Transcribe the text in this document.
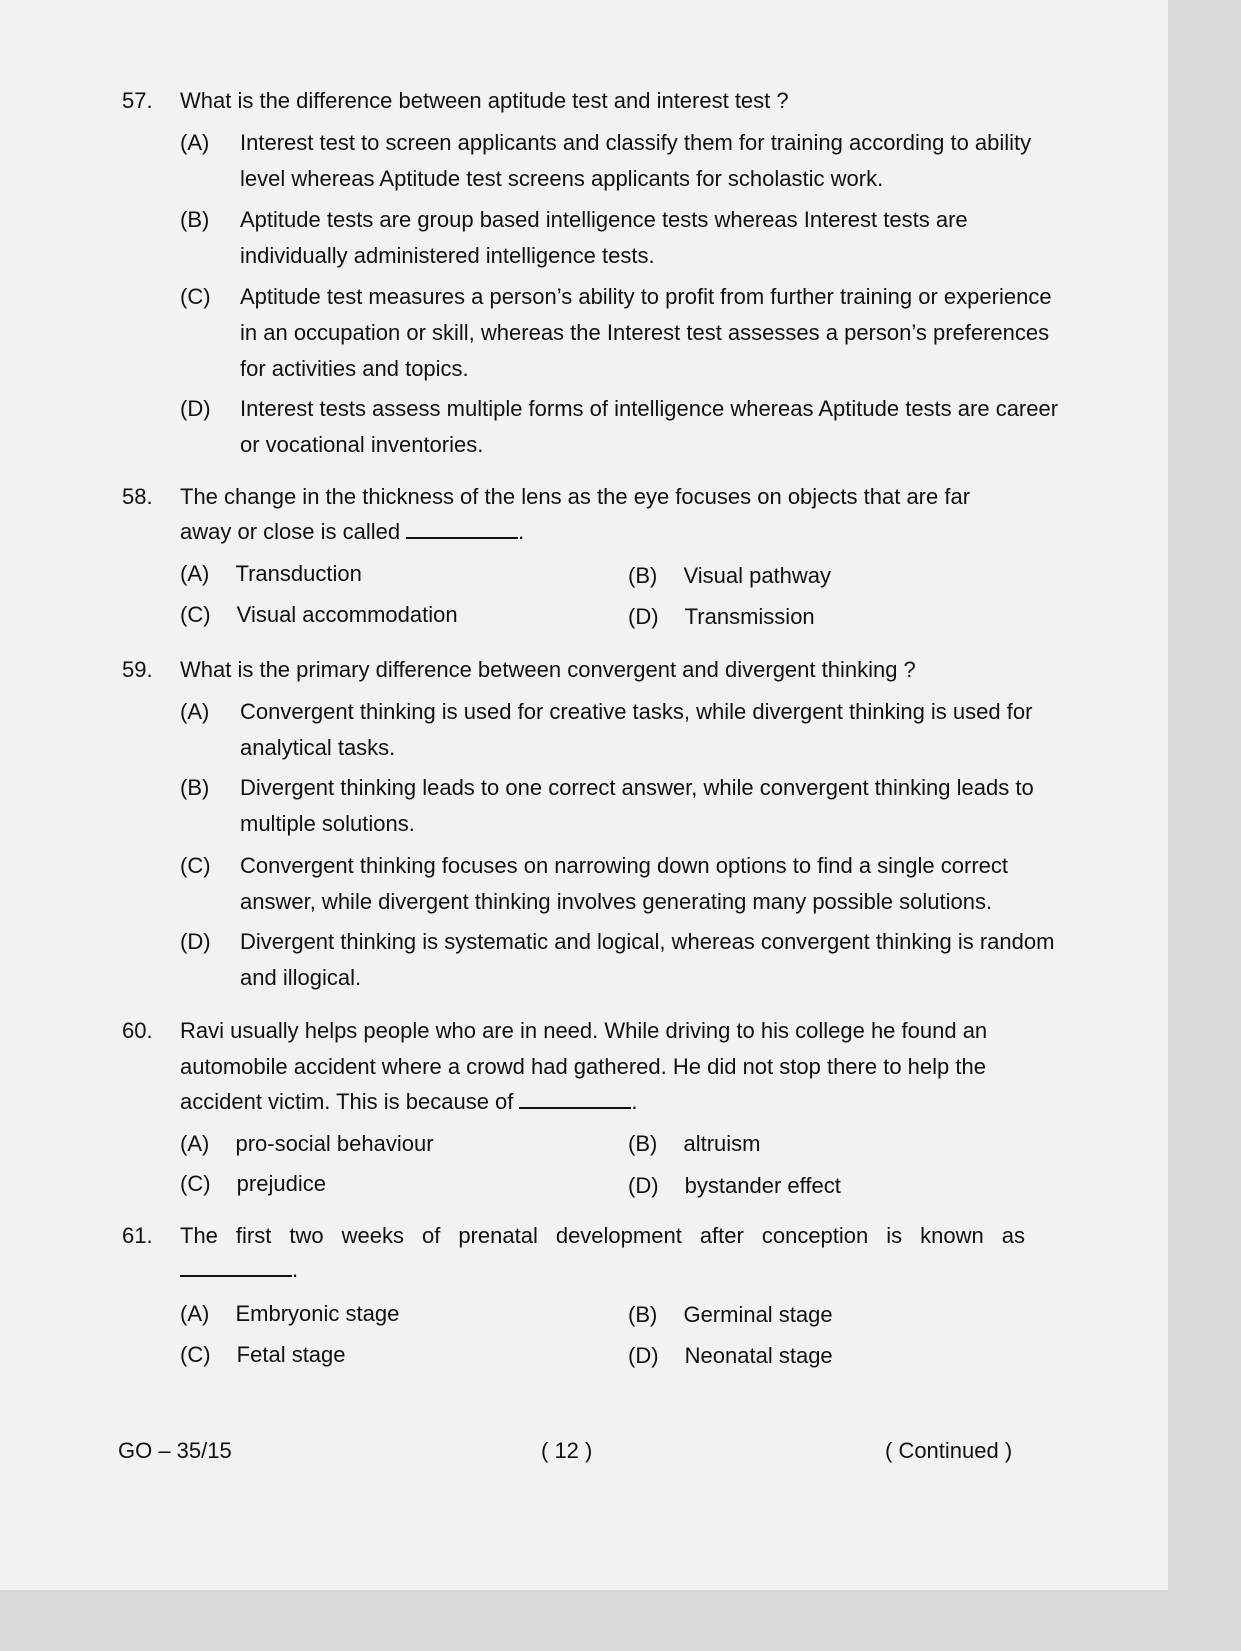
57. What is the difference between aptitude test and interest test ?
(A) Interest test to screen applicants and classify them for training according to ability level whereas Aptitude test screens applicants for scholastic work.
(B) Aptitude tests are group based intelligence tests whereas Interest tests are individually administered intelligence tests.
(C) Aptitude test measures a person’s ability to profit from further training or experience in an occupation or skill, whereas the Interest test assesses a person’s preferences for activities and topics.
(D) Interest tests assess multiple forms of intelligence whereas Aptitude tests are career or vocational inventories.
58. The change in the thickness of the lens as the eye focuses on objects that are far
away or close is called	.
(A) Transduction	(B) Visual pathway
(C) Visual accommodation	(D) Transmission
59. What is the primary difference between convergent and divergent thinking ?
(A) Convergent thinking is used for creative tasks, while divergent thinking is used for analytical tasks.
(B) Divergent thinking leads to one correct answer, while convergent thinking leads to multiple solutions.
(C) Convergent thinking focuses on narrowing down options to find a single correct answer, while divergent thinking involves generating many possible solutions.
(D) Divergent thinking is systematic and logical, whereas convergent thinking is random and illogical.
60. Ravi usually helps people who are in need. While driving to his college he found an
automobile accident where a crowd had gathered. He did not stop there to help the
accident victim. This is because of	.
(A) pro-social behaviour	(B) altruism
(C) prejudice	(D) bystander effect
61. The first two weeks of prenatal development after conception is known as
.
(A) Embryonic stage	(B) Germinal stage
(C) Fetal stage	(D) Neonatal stage
GO – 35/15	( 12 )	( Continued )
